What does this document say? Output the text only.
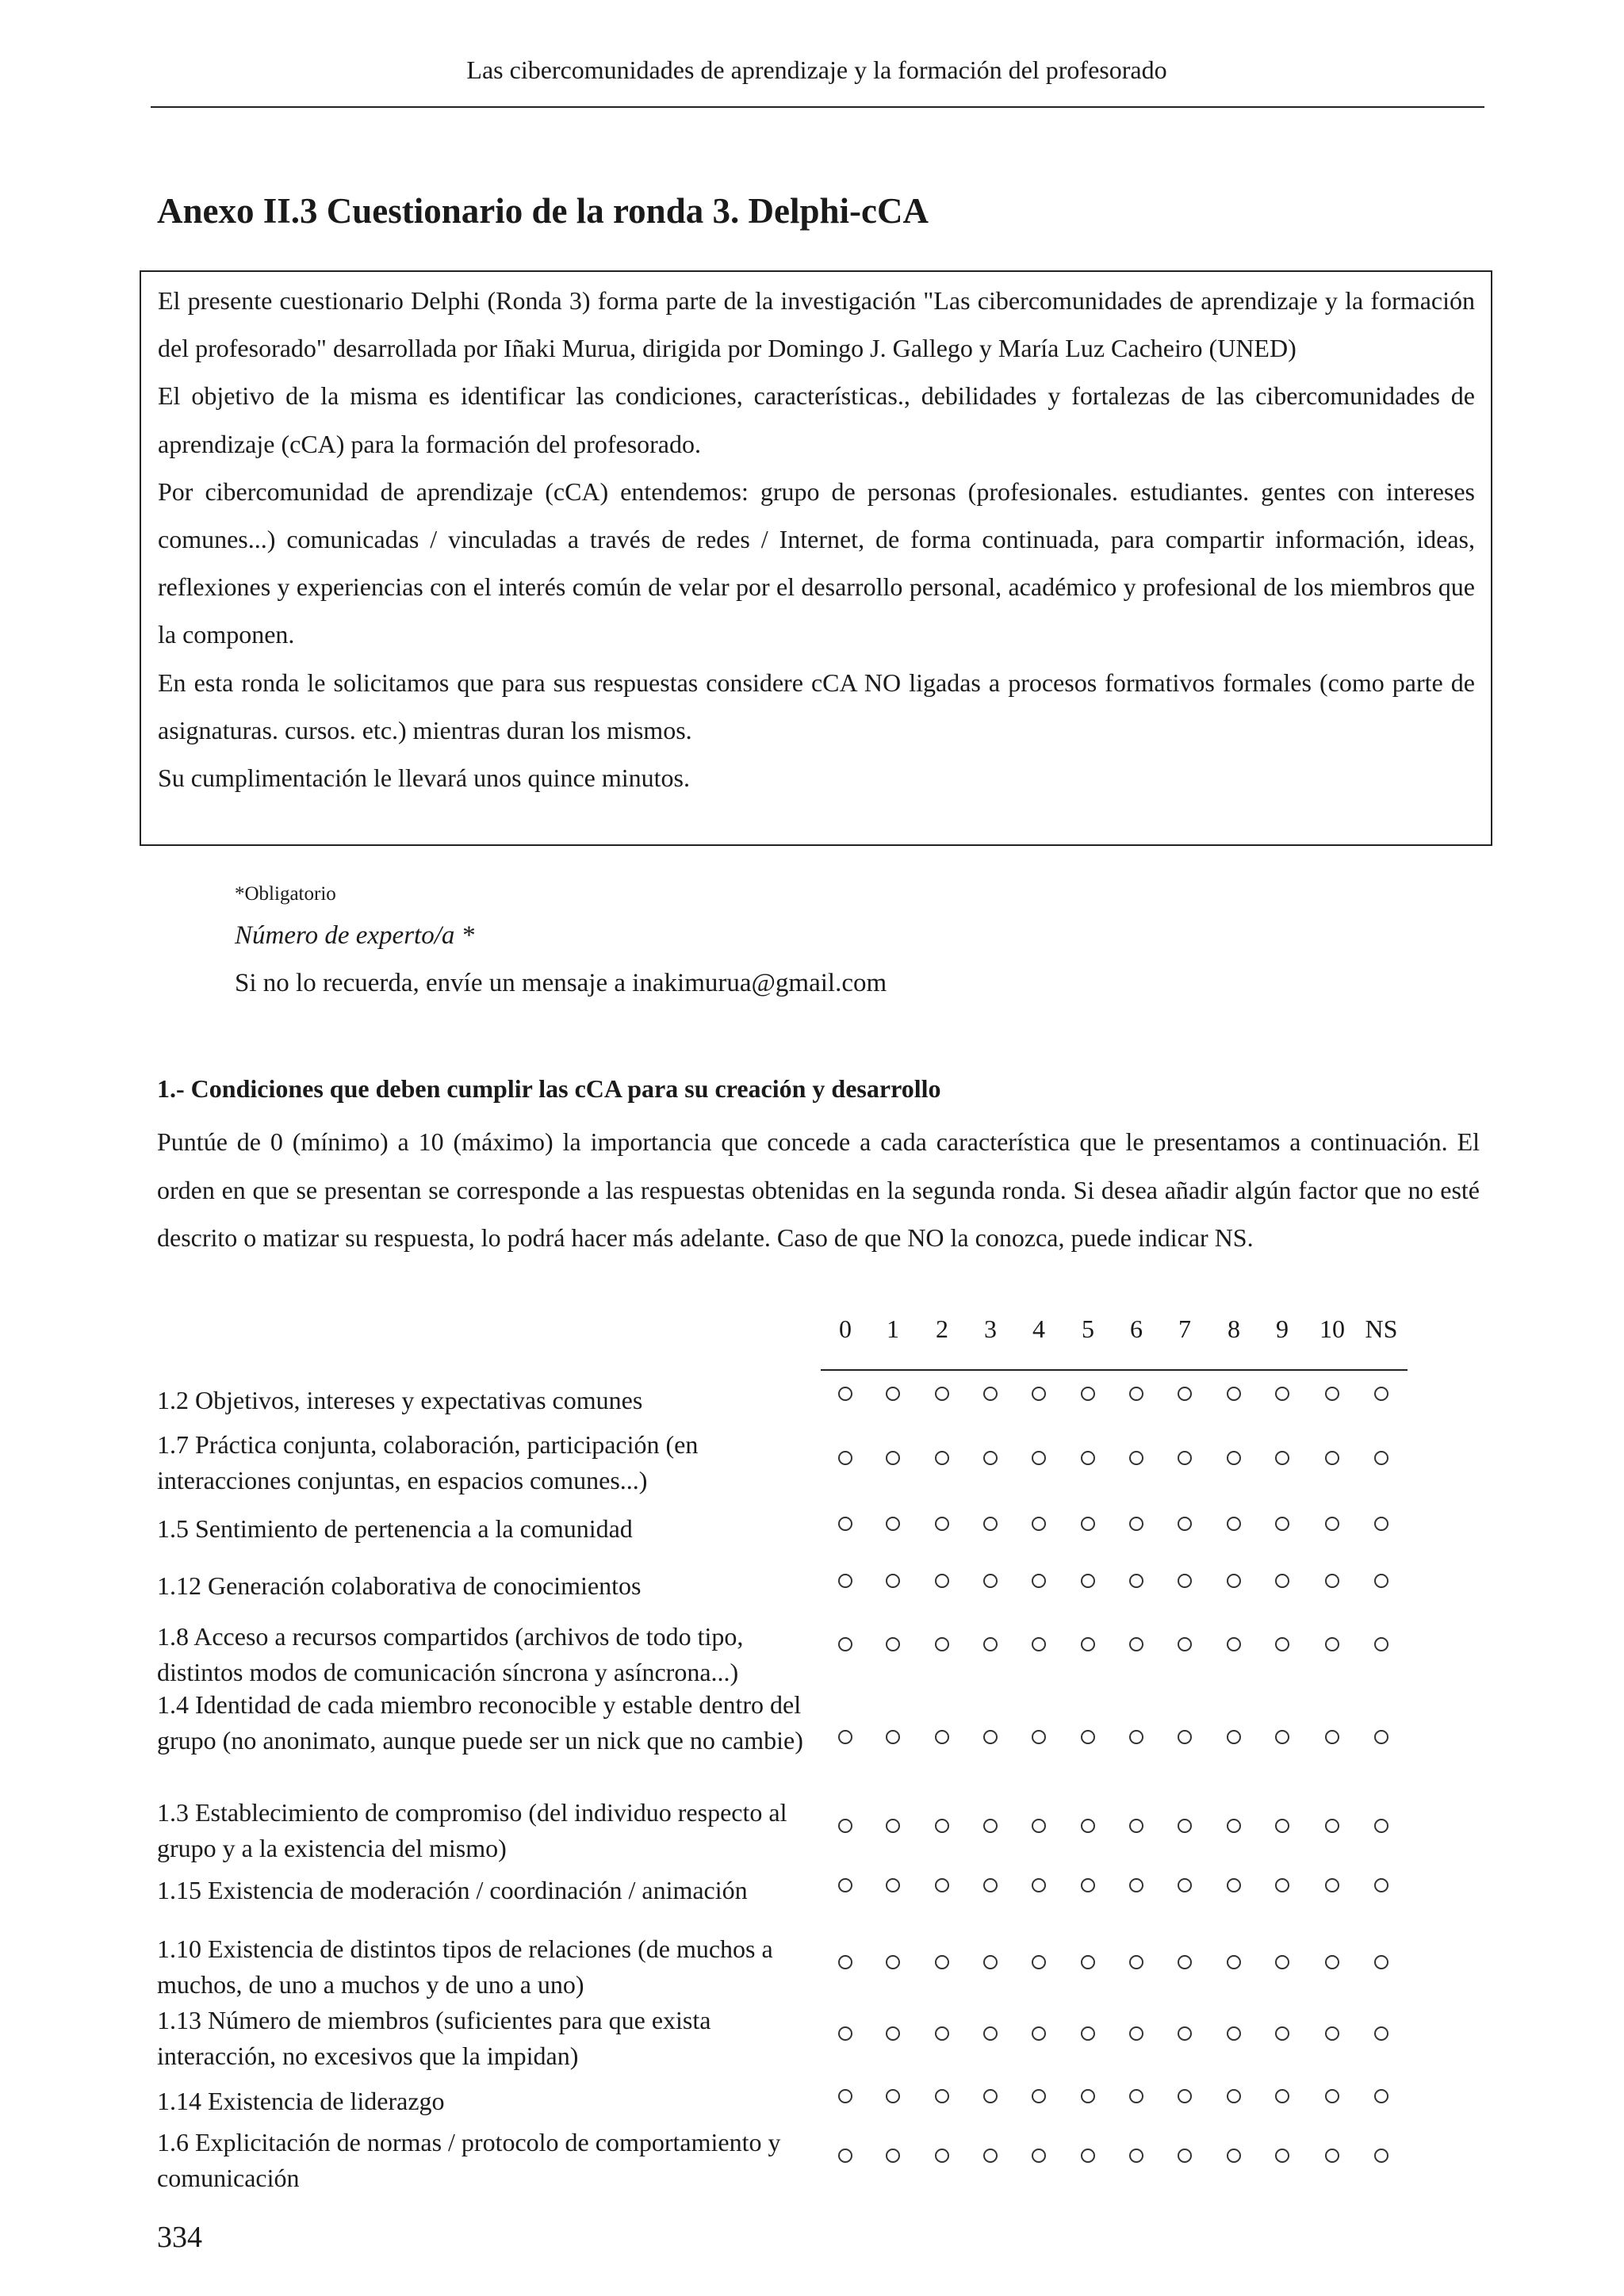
Las cibercomunidades de aprendizaje y la formación del profesorado
Anexo II.3 Cuestionario de la ronda 3. Delphi-cCA

El presente cuestionario Delphi (Ronda 3) forma parte de la investigación "Las cibercomunidades de aprendizaje y la formación del profesorado" desarrollada por Iñaki Murua, dirigida por Domingo J. Gallego y María Luz Cacheiro (UNED)

El objetivo de la misma es identificar las condiciones, características., debilidades y fortalezas de las cibercomunidades de aprendizaje (cCA) para la formación del profesorado.

Por cibercomunidad de aprendizaje (cCA) entendemos: grupo de personas (profesionales. estudiantes. gentes con intereses comunes...) comunicadas / vinculadas a través de redes / Internet, de forma continuada, para compartir información, ideas, reflexiones y experiencias con el interés común de velar por el desarrollo personal, académico y profesional de los miembros que la componen.

En esta ronda le solicitamos que para sus respuestas considere cCA NO ligadas a procesos formativos formales (como parte de asignaturas. cursos. etc.) mientras duran los mismos.

Su cumplimentación le llevará unos quince minutos.

*Obligatorio
Número de experto/a *
Si no lo recuerda, envíe un mensaje a inakimurua@gmail.com
1.- Condiciones que deben cumplir las cCA para su creación y desarrollo

Puntúe de 0 (mínimo) a 10 (máximo) la importancia que concede a cada característica que le presentamos a continuación. El orden en que se presentan se corresponde a las respuestas obtenidas en la segunda ronda. Si desea añadir algún factor que no esté descrito o matizar su respuesta, lo podrá hacer más adelante. Caso de que NO la conozca, puede indicar NS.

0	1	2	3	4	5	6	7	8	9	10 NS
1.2 Objetivos, intereses y expectativas comunes
1.7 Práctica conjunta, colaboración, participación (en interacciones conjuntas, en espacios comunes...)
1.5 Sentimiento de pertenencia a la comunidad
1.12 Generación colaborativa de conocimientos
1.8 Acceso a recursos compartidos (archivos de todo tipo, distintos modos de comunicación síncrona y asíncrona...)
1.4 Identidad de cada miembro reconocible y estable dentro del grupo (no anonimato, aunque puede ser un nick que no cambie)
1.3 Establecimiento de compromiso (del individuo respecto al grupo y a la existencia del mismo)
1.15 Existencia de moderación / coordinación / animación
1.10 Existencia de distintos tipos de relaciones (de muchos a muchos, de uno a muchos y de uno a uno)
1.13 Número de miembros (suficientes para que exista interacción, no excesivos que la impidan)
1.14 Existencia de liderazgo
1.6 Explicitación de normas / protocolo de comportamiento y comunicación
334
